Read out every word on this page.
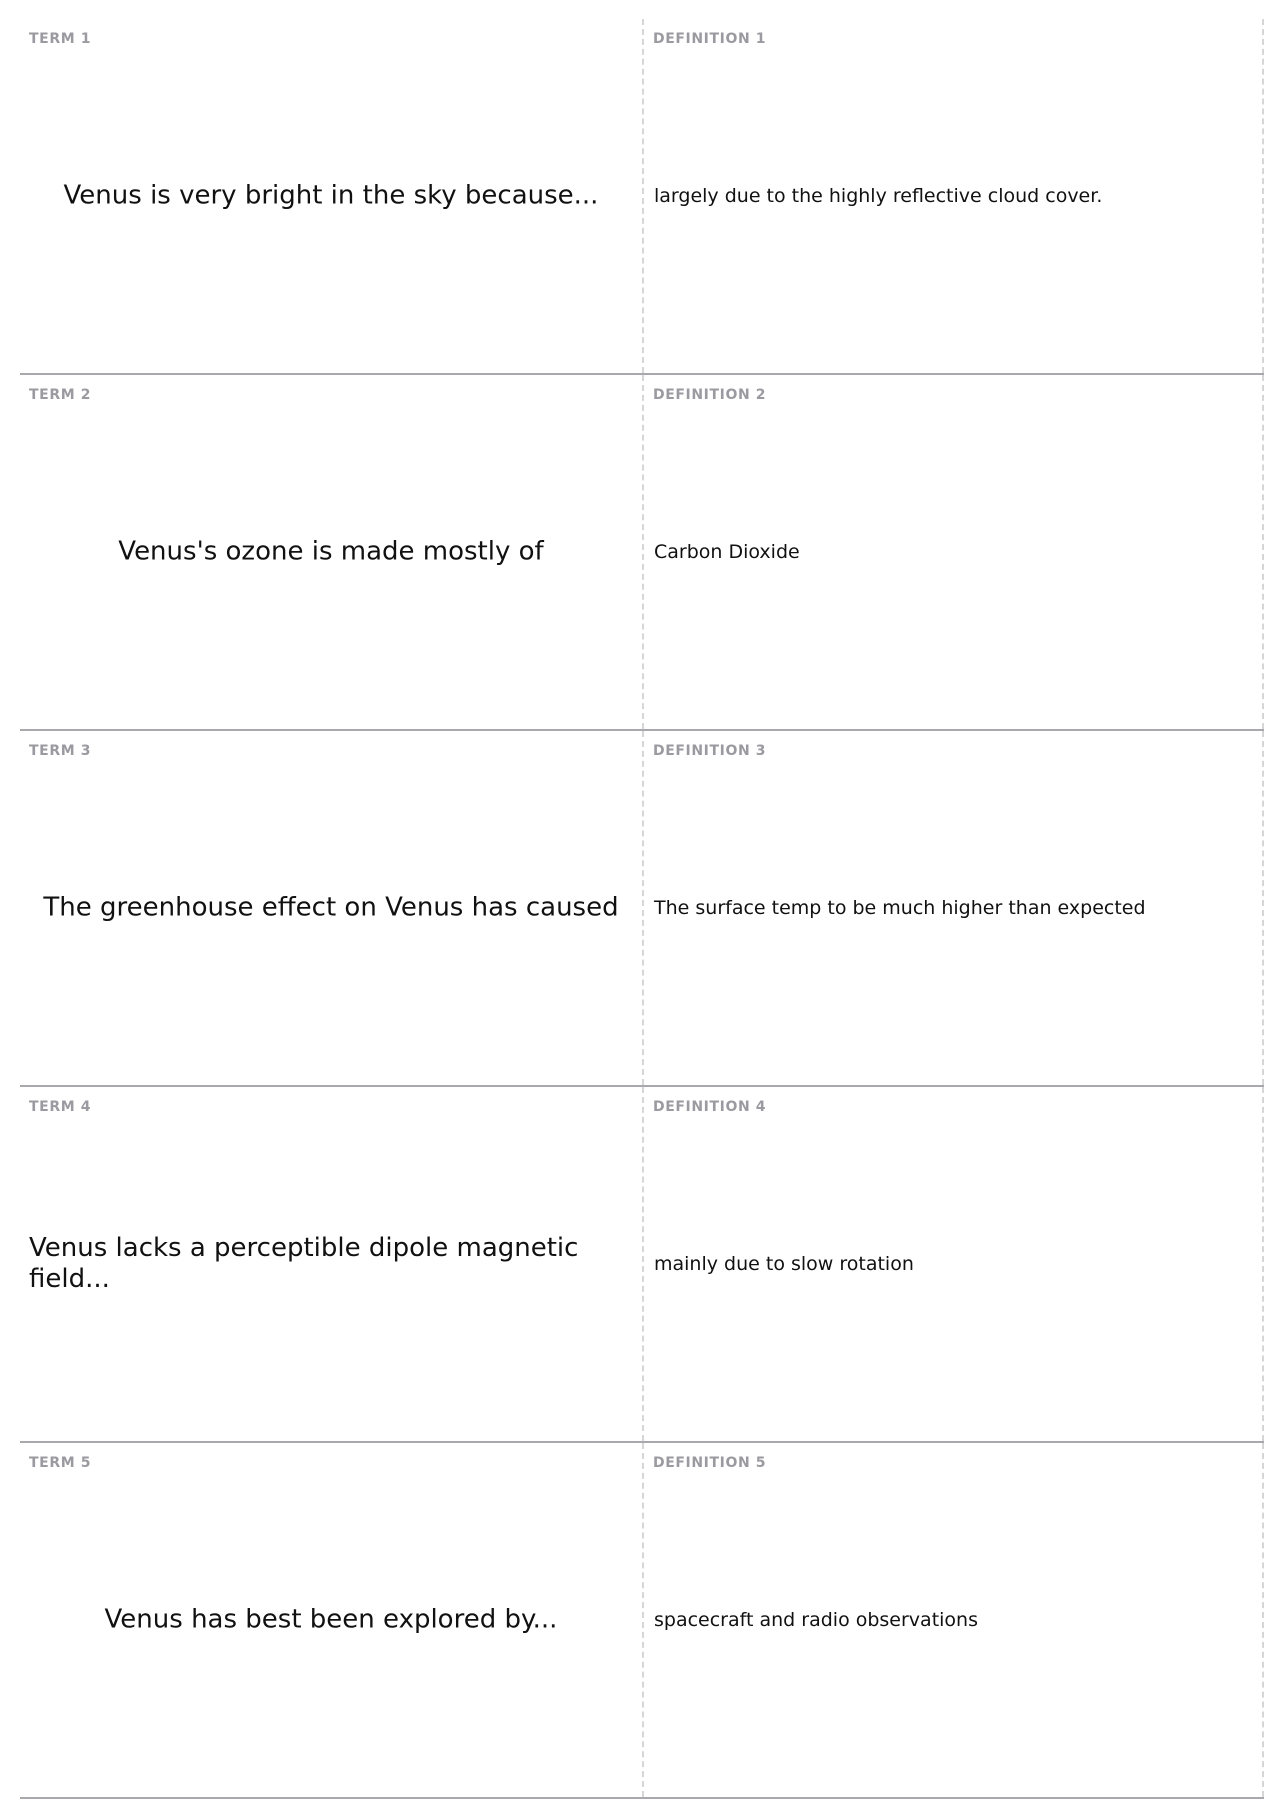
TERM 1
Venus is very bright in the sky because...
DEFINITION 1
largely due to the highly reflective cloud cover.
TERM 2
Venus's ozone is made mostly of
DEFINITION 2
Carbon Dioxide
TERM 3
The greenhouse effect on Venus has caused
DEFINITION 3
The surface temp to be much higher than expected
TERM 4
Venus lacks a perceptible dipole magnetic field...
DEFINITION 4
mainly due to slow rotation
TERM 5
Venus has best been explored by...
DEFINITION 5
spacecraft and radio observations
